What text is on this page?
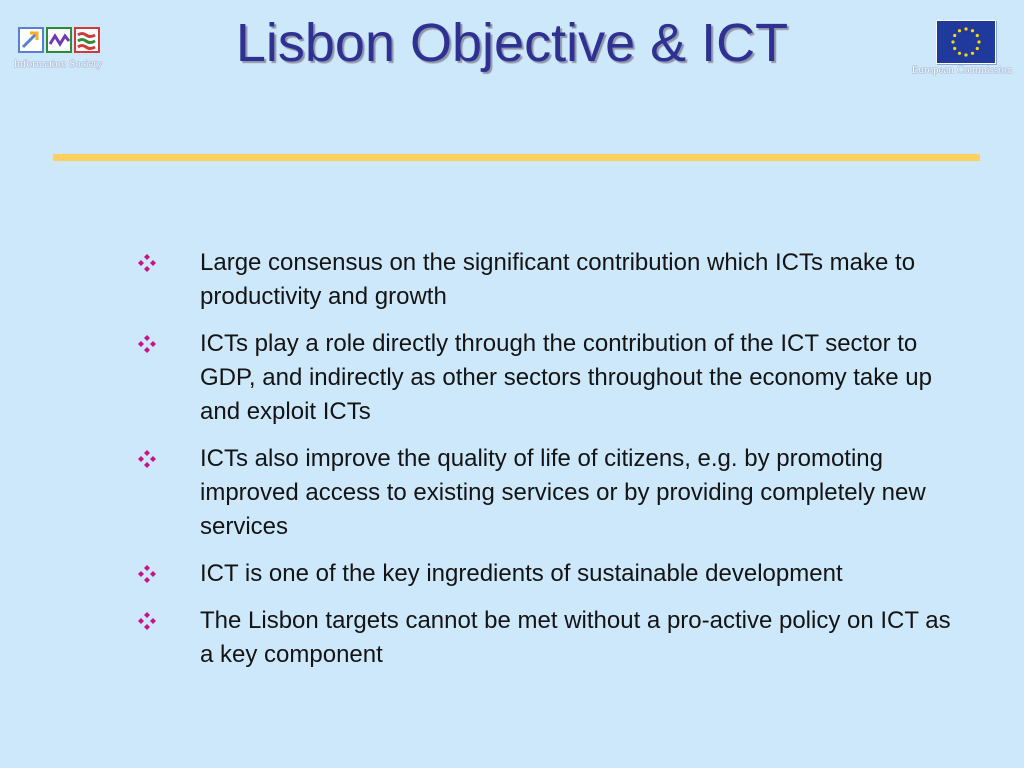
Information Society	Lisbon Objective & ICT	European Commission
Large consensus on the significant contribution which ICTs make to productivity and growth
ICTs play a role directly through the contribution of the ICT sector to GDP, and indirectly as other sectors throughout the economy take up and exploit ICTs
ICTs also improve the quality of life of citizens, e.g. by promoting improved access to existing services or by providing completely new services
ICT is one of the key ingredients of sustainable development
The Lisbon targets cannot be met without a pro-active policy on ICT as a key component
